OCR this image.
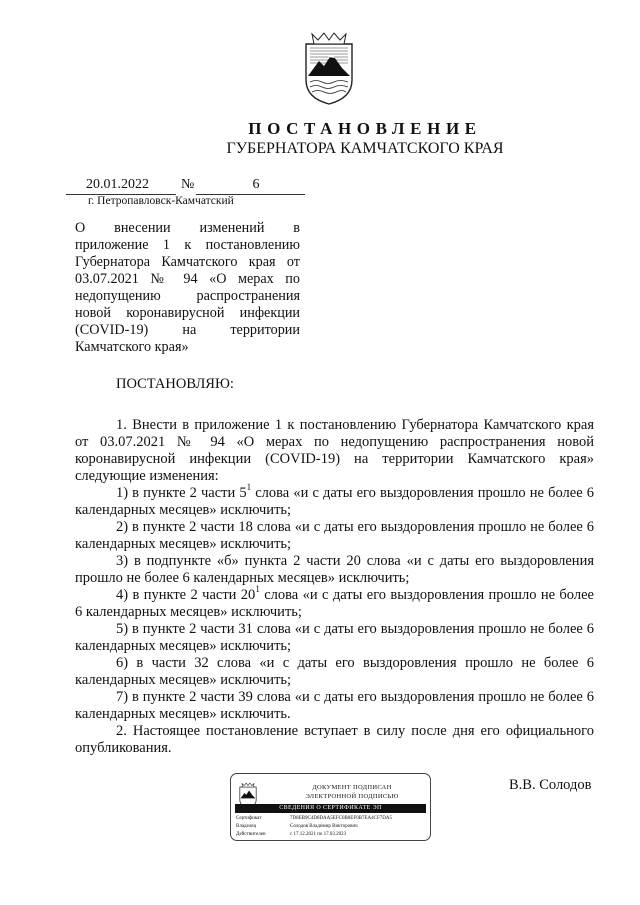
ПОСТАНОВЛЕНИЕ
ГУБЕРНАТОРА КАМЧАТСКОГО КРАЯ
20.01.2022 №	6
г. Петропавловск-Камчатский
О внесении изменений в
приложение 1 к постановлению
Губернатора Камчатского края от
03.07.2021 № 94 «О мерах по
недопущению распространения
новой коронавирусной инфекции
(COVID-19) на территории
Камчатского края»
ПОСТАНОВЛЯЮ:

1. Внести в приложение 1 к постановлению Губернатора Камчатского края от 03.07.2021 № 94 «О мерах по недопущению распространения новой коронавирусной инфекции (COVID-19) на территории Камчатского края» следующие изменения:

1) в пункте 2 части $5^1$ слова «и с даты его выздоровления прошло не более 6 календарных месяцев» исключить;

2) в пункте 2 части 18 слова «и с даты его выздоровления прошло не более 6 календарных месяцев» исключить;

3) в подпункте «б» пункта 2 части 20 слова «и с даты его выздоровления прошло не более 6 календарных месяцев» исключить;

4) в пункте 2 части $20^1$ слова «и с даты его выздоровления прошло не более 6 календарных месяцев» исключить;

5) в пункте 2 части 31 слова «и с даты его выздоровления прошло не более 6 календарных месяцев» исключить;

6) в части 32 слова «и с даты его выздоровления прошло не более 6 календарных месяцев» исключить;

7) в пункте 2 части 39 слова «и с даты его выздоровления прошло не более 6 календарных месяцев» исключить.

2. Настоящее постановление вступает в силу после дня его официального опубликования.

ДОКУМЕНТ ПОДПИСАН
ЭЛЕКТРОННОЙ ПОДПИСЬЮ
СВЕДЕНИЯ О СЕРТИФИКАТЕ ЭП
Сертификат	7D8EB9C4D8DAA5EFC0B0EF0B7EA4CF7DA5
Владелец	Солодов Владимир Викторович
Действителен	с 17.12.2021 по 17.03.2023
В.В. Солодов
